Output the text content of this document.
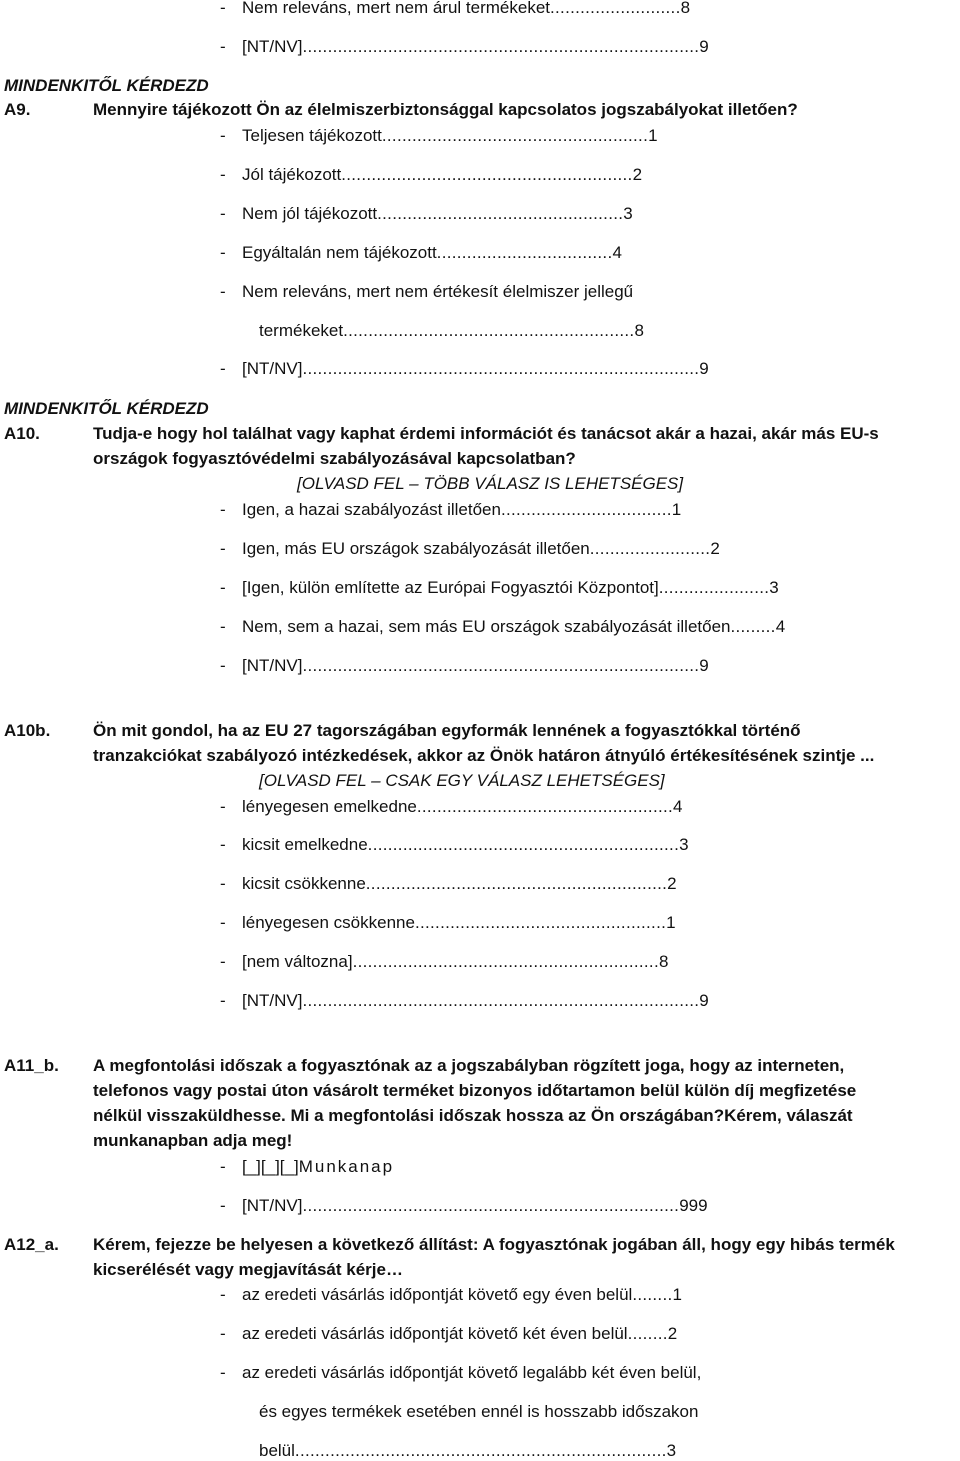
- Nem releváns, mert nem árul termékeket..........................8
- [NT/NV]...............................................................................9
MINDENKITŐL KÉRDEZD
A9.	Mennyire tájékozott Ön az élelmiszerbiztonsággal kapcsolatos jogszabályokat illetően?
- Teljesen tájékozott.....................................................1
- Jól tájékozott..........................................................2
- Nem jól tájékozott.................................................3
- Egyáltalán nem tájékozott...................................4
- Nem releváns, mert nem értékesít élelmiszer jellegű
termékeket..........................................................8
- [NT/NV]...............................................................................9
MINDENKITŐL KÉRDEZD
A10.	Tudja-e hogy hol találhat vagy kaphat érdemi információt és tanácsot akár a hazai, akár más EU-s
országok fogyasztóvédelmi szabályozásával kapcsolatban?
[OLVASD FEL – TÖBB VÁLASZ IS LEHETSÉGES]
- Igen, a hazai szabályozást illetően..................................1
- Igen, más EU országok szabályozását illetően........................2
- [Igen, külön említette az Európai Fogyasztói Központot]......................3
- Nem, sem a hazai, sem más EU országok szabályozását illetően.........4
- [NT/NV]...............................................................................9
A10b.	Ön mit gondol, ha az EU 27 tagországában egyformák lennének a fogyasztókkal történő
tranzakciókat szabályozó intézkedések, akkor az Önök határon átnyúló értékesítésének szintje ...
[OLVASD FEL – CSAK EGY VÁLASZ LEHETSÉGES]
- lényegesen emelkedne...................................................4
- kicsit emelkedne..............................................................3
- kicsit csökkenne............................................................2
- lényegesen csökkenne..................................................1
- [nem változna].............................................................8
- [NT/NV]...............................................................................9
A11_b. A megfontolási időszak a fogyasztónak az a jogszabályban rögzített joga, hogy az interneten,
telefonos vagy postai úton vásárolt terméket bizonyos időtartamon belül külön díj megfizetése
nélkül visszaküldhesse. Mi a megfontolási időszak hossza az Ön országában?Kérem, válaszát
munkanapban adja meg!
- [_][_][_]Munkanap
- [NT/NV]...........................................................................999
A12_a. Kérem, fejezze be helyesen a következő állítást: A fogyasztónak jogában áll, hogy egy hibás termék
kicserélését vagy megjavítását kérje…
- az eredeti vásárlás időpontját követő egy éven belül........1
- az eredeti vásárlás időpontját követő két éven belül........2
- az eredeti vásárlás időpontját követő legalább két éven belül,
és egyes termékek esetében ennél is hosszabb időszakon
belül..........................................................................3
